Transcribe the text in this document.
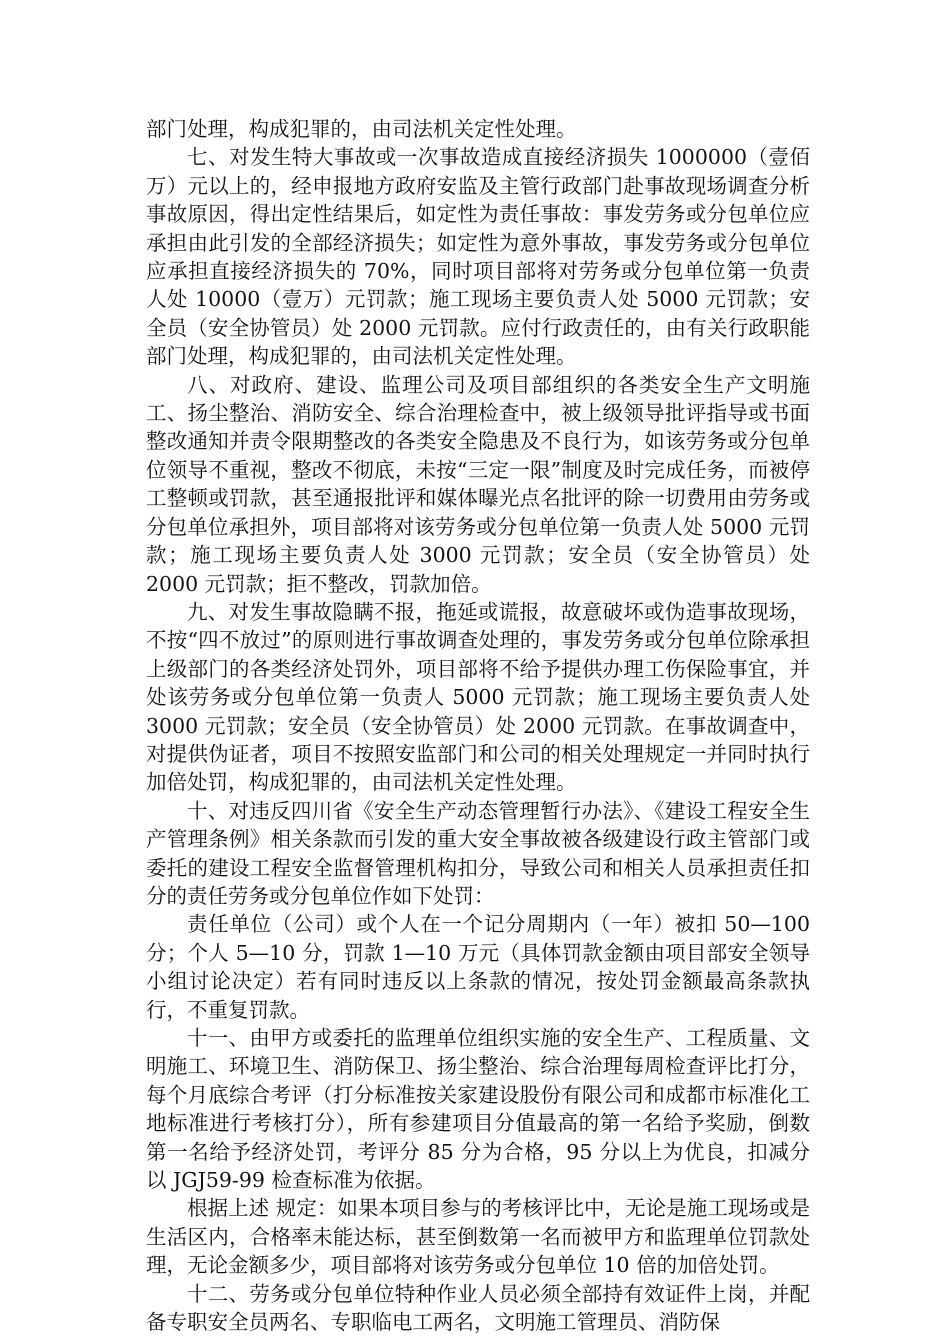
部门处理，构成犯罪的，由司法机关定性处理。

七、对发生特大事故或一次事故造成直接经济损失 1000000（壹佰万）元以上的，经申报地方政府安监及主管行政部门赴事故现场调查分析事故原因，得出定性结果后，如定性为责任事故：事发劳务或分包单位应承担由此引发的全部经济损失；如定性为意外事故，事发劳务或分包单位应承担直接经济损失的 70%，同时项目部将对劳务或分包单位第一负责人处 10000（壹万）元罚款；施工现场主要负责人处 5000 元罚款；安全员（安全协管员）处 2000 元罚款。应付行政责任的，由有关行政职能部门处理，构成犯罪的，由司法机关定性处理。

八、对政府、建设、监理公司及项目部组织的各类安全生产文明施工、扬尘整治、消防安全、综合治理检查中，被上级领导批评指导或书面整改通知并责令限期整改的各类安全隐患及不良行为，如该劳务或分包单位领导不重视，整改不彻底，未按“三定一限”制度及时完成任务，而被停工整顿或罚款，甚至通报批评和媒体曝光点名批评的除一切费用由劳务或分包单位承担外，项目部将对该劳务或分包单位第一负责人处 5000 元罚款；施工现场主要负责人处 3000 元罚款；安全员（安全协管员）处 2000 元罚款；拒不整改，罚款加倍。

九、对发生事故隐瞒不报，拖延或谎报，故意破坏或伪造事故现场，不按“四不放过”的原则进行事故调查处理的，事发劳务或分包单位除承担上级部门的各类经济处罚外，项目部将不给予提供办理工伤保险事宜，并处该劳务或分包单位第一负责人 5000 元罚款；施工现场主要负责人处 3000 元罚款；安全员（安全协管员）处 2000 元罚款。在事故调查中，对提供伪证者，项目不按照安监部门和公司的相关处理规定一并同时执行加倍处罚，构成犯罪的，由司法机关定性处理。

十、对违反四川省《安全生产动态管理暂行办法》、《建设工程安全生产管理条例》相关条款而引发的重大安全事故被各级建设行政主管部门或委托的建设工程安全监督管理机构扣分，导致公司和相关人员承担责任扣分的责任劳务或分包单位作如下处罚：

责任单位（公司）或个人在一个记分周期内（一年）被扣 50—100 分；个人 5—10 分，罚款 1—10 万元（具体罚款金额由项目部安全领导小组讨论决定）若有同时违反以上条款的情况，按处罚金额最高条款执行，不重复罚款。

十一、由甲方或委托的监理单位组织实施的安全生产、工程质量、文明施工、环境卫生、消防保卫、扬尘整治、综合治理每周检查评比打分，每个月底综合考评（打分标准按关家建设股份有限公司和成都市标准化工地标准进行考核打分），所有参建项目分值最高的第一名给予奖励，倒数第一名给予经济处罚，考评分 85 分为合格，95 分以上为优良，扣减分以 JGJ59-99 检查标准为依据。

根据上述 规定：如果本项目参与的考核评比中，无论是施工现场或是生活区内，合格率未能达标，甚至倒数第一名而被甲方和监理单位罚款处理，无论金额多少，项目部将对该劳务或分包单位 10 倍的加倍处罚。

十二、劳务或分包单位特种作业人员必须全部持有效证件上岗，并配备专职安全员两名、专职临电工两名，文明施工管理员、消防保
